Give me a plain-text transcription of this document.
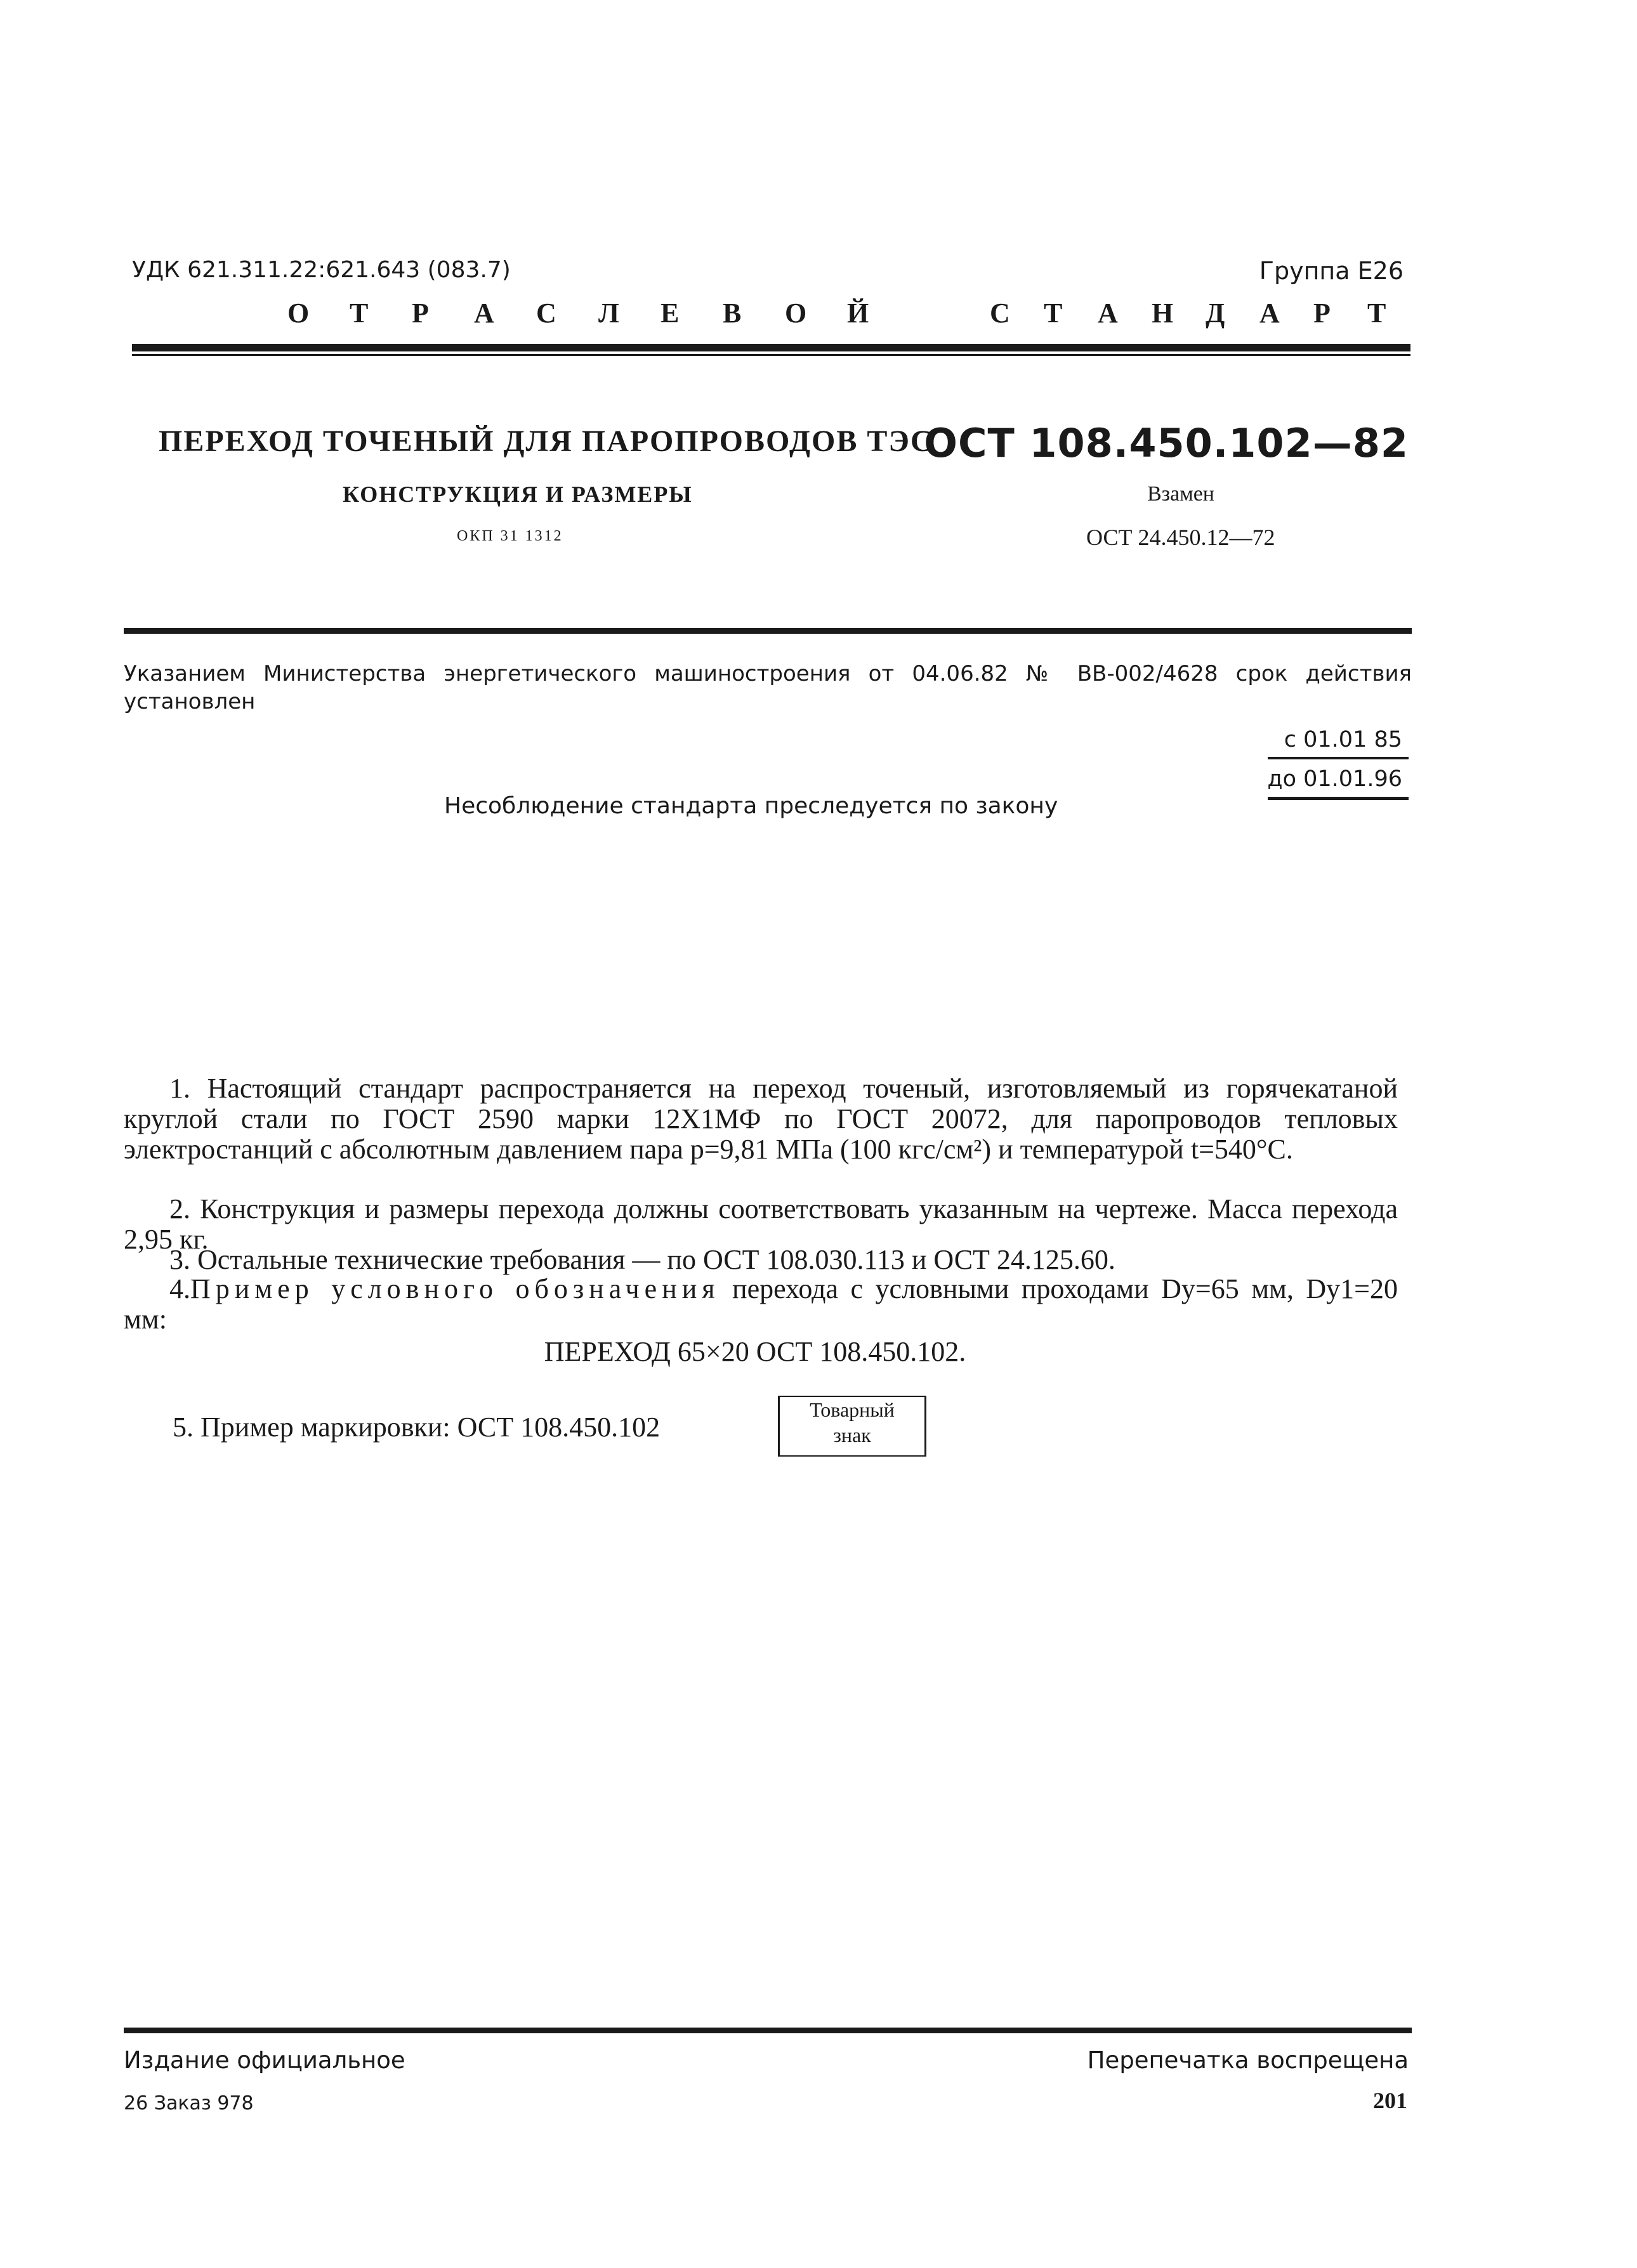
УДК 621.311.22:621.643 (083.7)	Группа Е26
О Т Р А С Л Е В О Й	С Т А Н Д А Р Т
ПЕРЕХОД ТОЧЕНЫЙ ДЛЯ ПАРОПРОВОДОВ ТЭС
КОНСТРУКЦИЯ И РАЗМЕРЫ
ОКП 31 1312
ОСТ 108.450.102—82
Взамен
ОСТ 24.450.12—72
Указанием Министерства энергетического машиностроения от 04.06.82 № ВВ-002/4628 срок действия установлен
с 01.01 85
до 01.01.96
Несоблюдение стандарта преследуется по закону
1. Настоящий стандарт распространяется на переход точеный, изготовляемый из горячекатаной круглой стали по ГОСТ 2590 марки 12Х1МФ по ГОСТ 20072, для паропроводов тепловых электростанций с абсолютным давлением пара p=9,81 МПа (100 кгс/см²) и температурой t=540°С.
2. Конструкция и размеры перехода должны соответствовать указанным на чертеже. Масса перехода 2,95 кг.
3. Остальные технические требования — по ОСТ 108.030.113 и ОСТ 24.125.60.
4.Пример условного обозначения перехода с условными проходами Dу=65 мм, Dу1=20 мм:
ПЕРЕХОД 65×20 ОСТ 108.450.102.
5. Пример маркировки: ОСТ 108.450.102
Товарный
знак
Издание официальное	Перепечатка воспрещена
26 Заказ 978	201
